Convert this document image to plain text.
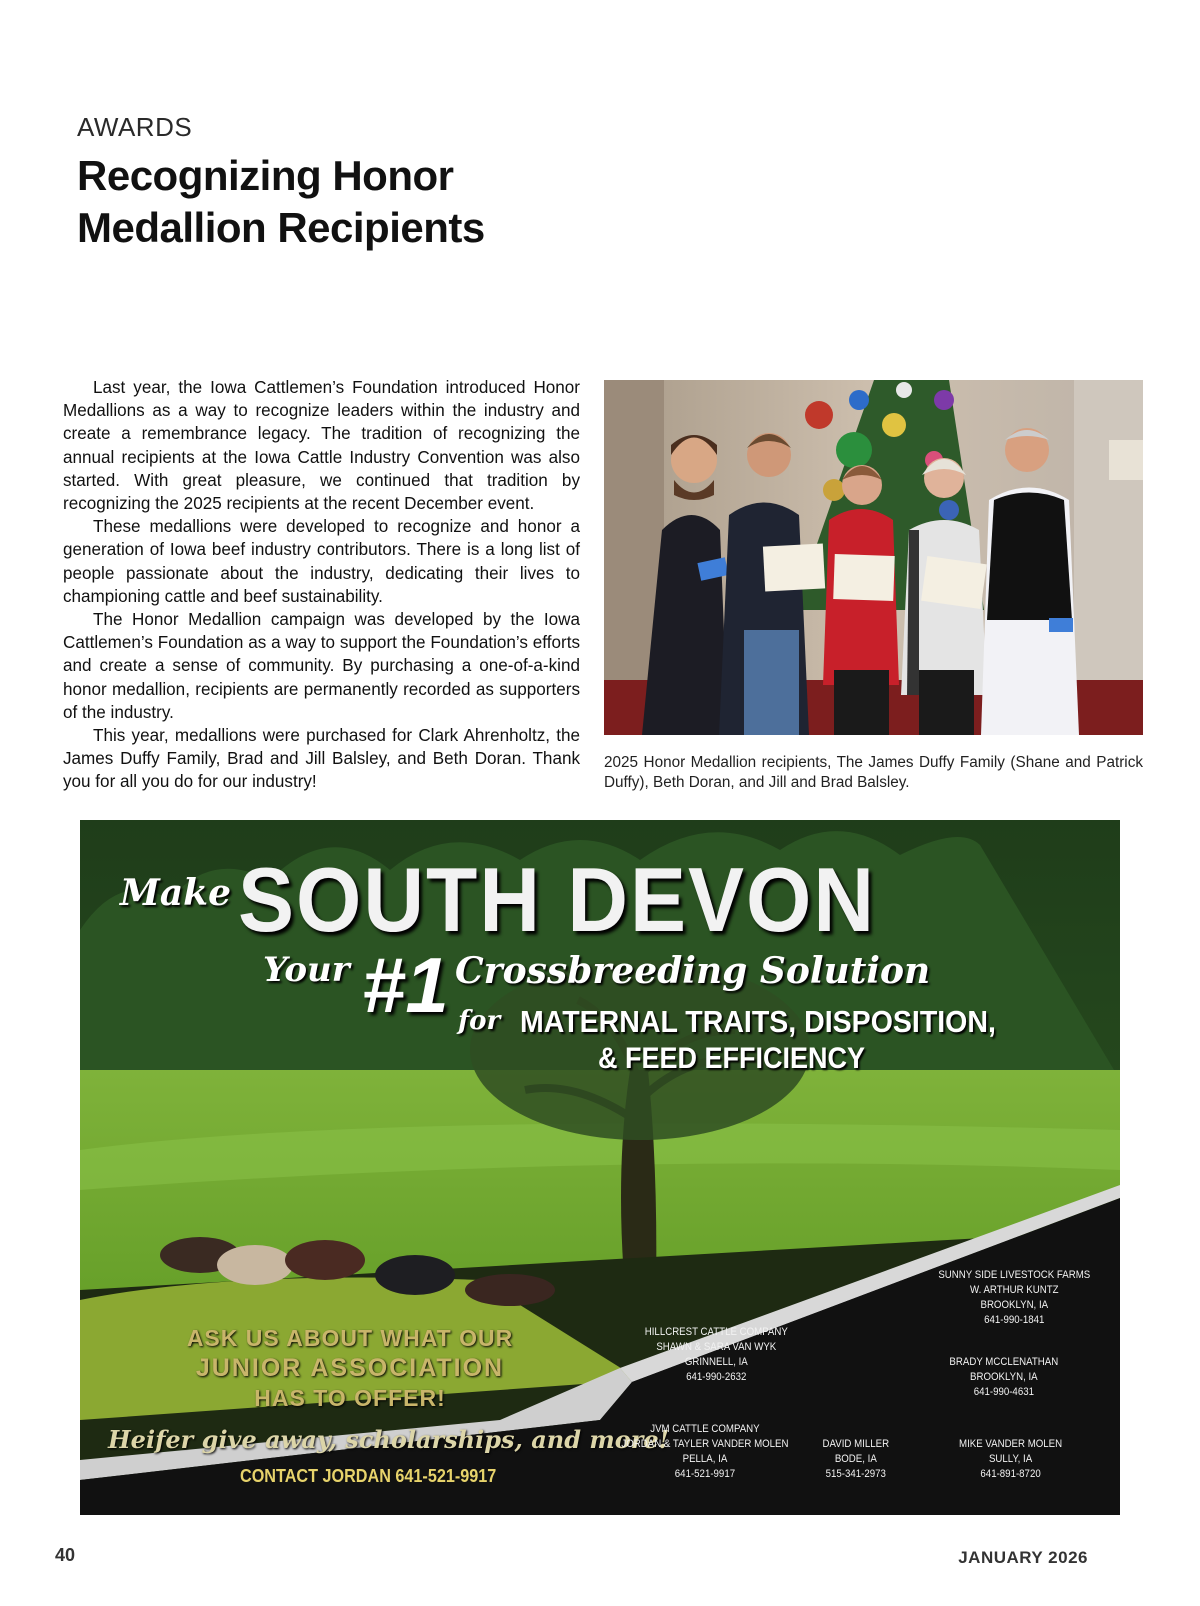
AWARDS
Recognizing Honor
Medallion Recipients

Last year, the Iowa Cattlemen’s Foundation introduced Honor Medallions as a way to recognize leaders within the industry and create a remembrance legacy. The tradition of recognizing the annual recipients at the Iowa Cattle Industry Convention was also started. With great pleasure, we continued that tradition by recognizing the 2025 recipients at the recent December event.

These medallions were developed to recognize and honor a generation of Iowa beef industry contributors. There is a long list of people passionate about the industry, dedicating their lives to championing cattle and beef sustainability.

The Honor Medallion campaign was developed by the Iowa Cattlemen’s Foundation as a way to support the Foundation’s efforts and create a sense of community. By purchasing a one-of-a-kind honor medallion, recipients are permanently recorded as supporters of the industry.

This year, medallions were purchased for Clark Ahrenholtz, the James Duffy Family, Brad and Jill Balsley, and Beth Doran. Thank you for all you do for our industry!

2025 Honor Medallion recipients, The James Duffy Family (Shane and Patrick Duffy), Beth Doran, and Jill and Brad Balsley.
Make SOUTH DEVON
Your #1 Crossbreeding Solution
for MATERNAL TRAITS, DISPOSITION,
& FEED EFFICIENCY
ASK US ABOUT WHAT OUR
JUNIOR ASSOCIATION
HAS TO OFFER!
Heifer give away, scholarships, and more!
CONTACT JORDAN 641-521-9917
SUNNY SIDE LIVESTOCK FARMS
W. ARTHUR KUNTZ
BROOKLYN, IA
641-990-1841
BRADY MCCLENATHAN
BROOKLYN, IA
641-990-4631
HILLCREST CATTLE COMPANY
SHAWN & SARA VAN WYK
GRINNELL, IA
641-990-2632
JVM CATTLE COMPANY
JORDAN & TAYLER VANDER MOLEN
PELLA, IA
641-521-9917
DAVID MILLER
BODE, IA
515-341-2973
MIKE VANDER MOLEN
SULLY, IA
641-891-8720
40	JANUARY 2026
